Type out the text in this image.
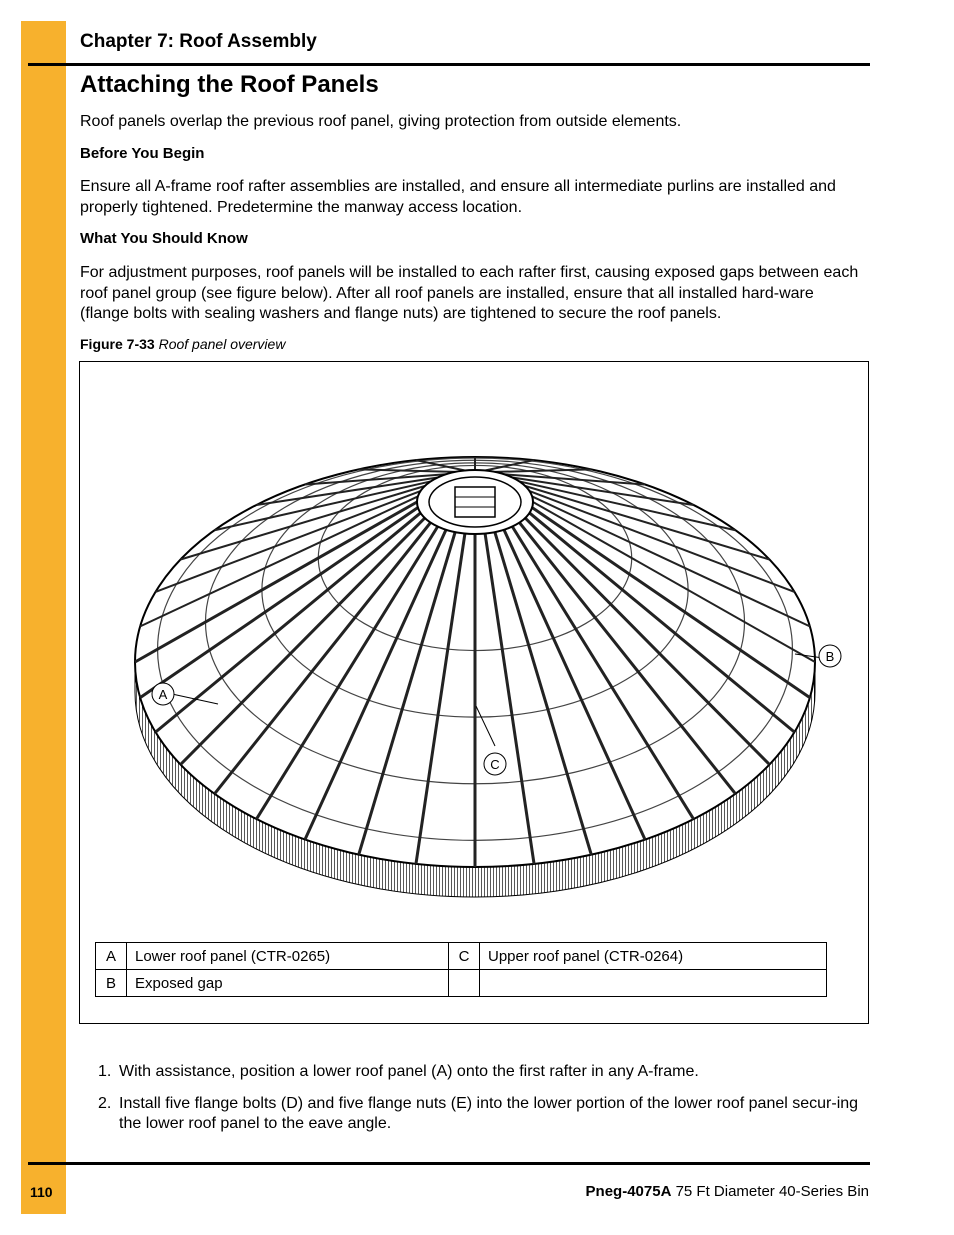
Chapter 7: Roof Assembly
Attaching the Roof Panels

Roof panels overlap the previous roof panel, giving protection from outside elements.

Before You Begin

Ensure all A-frame roof rafter assemblies are installed, and ensure all intermediate purlins are installed and properly tightened. Predetermine the manway access location.

What You Should Know

For adjustment purposes, roof panels will be installed to each rafter first, causing exposed gaps between each roof panel group (see figure below). After all roof panels are installed, ensure that all installed hard-ware (flange bolts with sealing washers and flange nuts) are tightened to secure the roof panels.

Figure 7-33 Roof panel overview
A
B
C
A	Lower roof panel (CTR-0265)	C	Upper roof panel (CTR-0264)
B	Exposed gap		
1. With assistance, position a lower roof panel (A) onto the first rafter in any A-frame.
2. Install five flange bolts (D) and five flange nuts (E) into the lower portion of the lower roof panel secur-ing the lower roof panel to the eave angle.
110	Pneg-4075A 75 Ft Diameter 40-Series Bin
